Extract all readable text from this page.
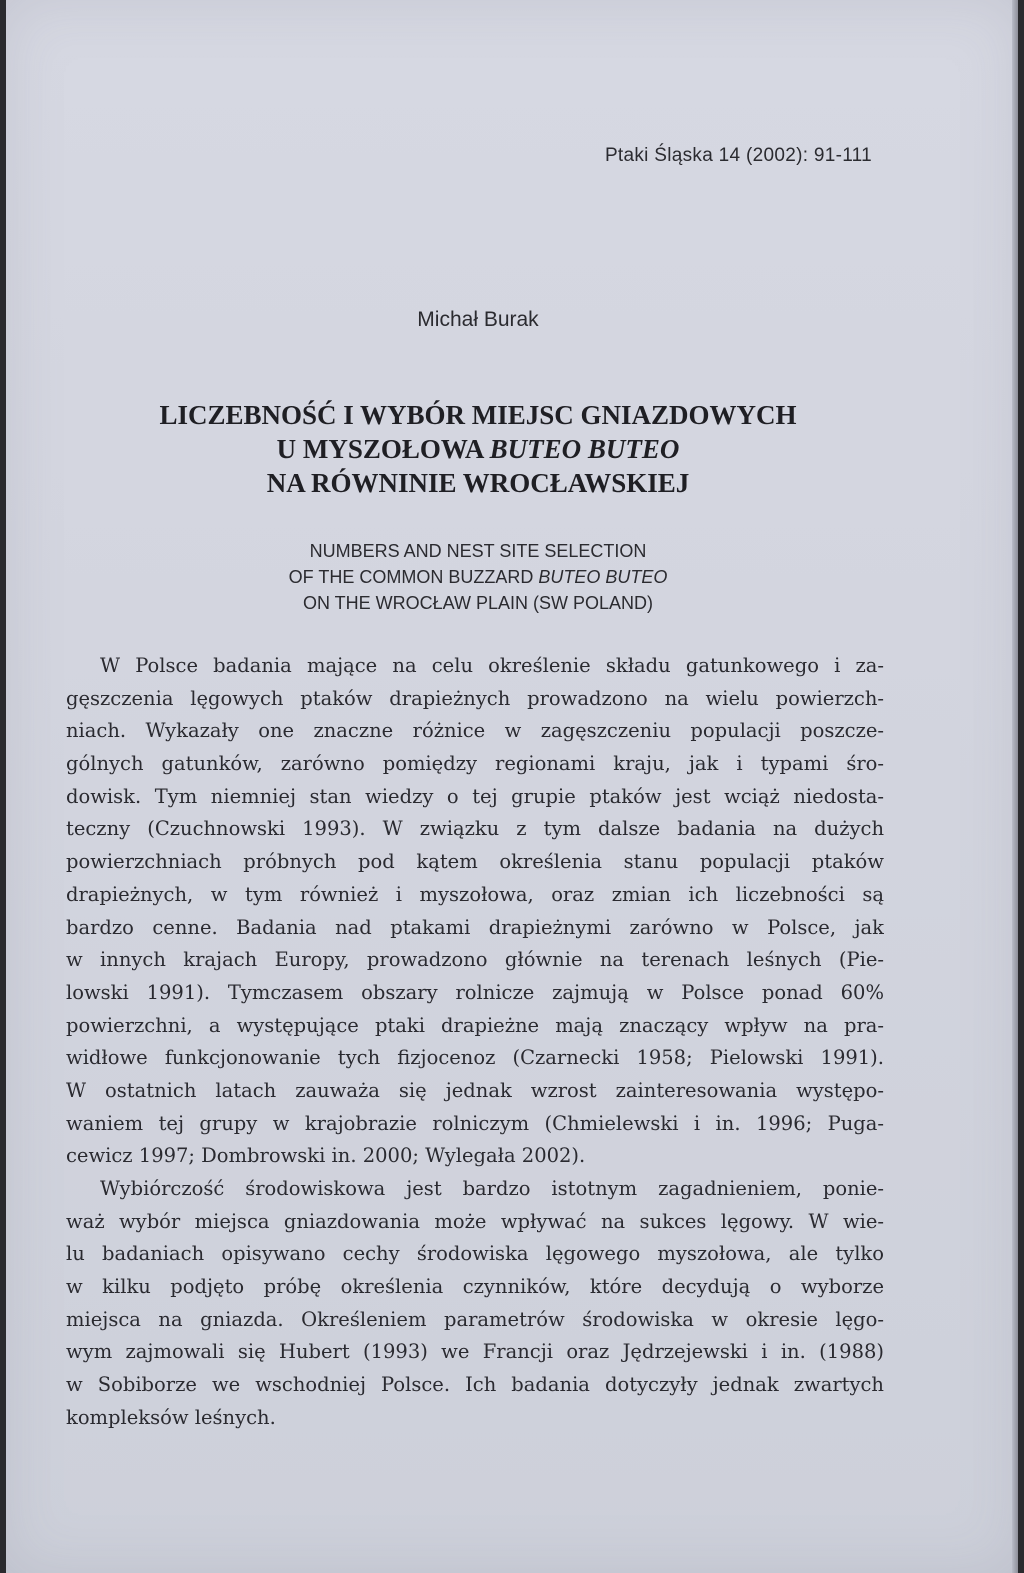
Ptaki Śląska 14 (2002): 91-111
Michał Burak
LICZEBNOŚĆ I WYBÓR MIEJSC GNIAZDOWYCH
U MYSZOŁOWA BUTEO BUTEO
NA RÓWNINIE WROCŁAWSKIEJ
NUMBERS AND NEST SITE SELECTION
OF THE COMMON BUZZARD BUTEO BUTEO
ON THE WROCŁAW PLAIN (SW POLAND)
W Polsce badania mające na celu określenie składu gatunkowego i za-
gęszczenia lęgowych ptaków drapieżnych prowadzono na wielu powierzch-
niach. Wykazały one znaczne różnice w zagęszczeniu populacji poszcze-
gólnych gatunków, zarówno pomiędzy regionami kraju, jak i typami śro-
dowisk. Tym niemniej stan wiedzy o tej grupie ptaków jest wciąż niedosta-
teczny (Czuchnowski 1993). W związku z tym dalsze badania na dużych
powierzchniach próbnych pod kątem określenia stanu populacji ptaków
drapieżnych, w tym również i myszołowa, oraz zmian ich liczebności są
bardzo cenne. Badania nad ptakami drapieżnymi zarówno w Polsce, jak
w innych krajach Europy, prowadzono głównie na terenach leśnych (Pie-
lowski 1991). Tymczasem obszary rolnicze zajmują w Polsce ponad 60%
powierzchni, a występujące ptaki drapieżne mają znaczący wpływ na pra-
widłowe funkcjonowanie tych fizjocenoz (Czarnecki 1958; Pielowski 1991).
W ostatnich latach zauważa się jednak wzrost zainteresowania występo-
waniem tej grupy w krajobrazie rolniczym (Chmielewski i in. 1996; Puga-
cewicz 1997; Dombrowski in. 2000; Wylegała 2002).
Wybiórczość środowiskowa jest bardzo istotnym zagadnieniem, ponie-
waż wybór miejsca gniazdowania może wpływać na sukces lęgowy. W wie-
lu badaniach opisywano cechy środowiska lęgowego myszołowa, ale tylko
w kilku podjęto próbę określenia czynników, które decydują o wyborze
miejsca na gniazda. Określeniem parametrów środowiska w okresie lęgo-
wym zajmowali się Hubert (1993) we Francji oraz Jędrzejewski i in. (1988)
w Sobiborze we wschodniej Polsce. Ich badania dotyczyły jednak zwartych
kompleksów leśnych.
